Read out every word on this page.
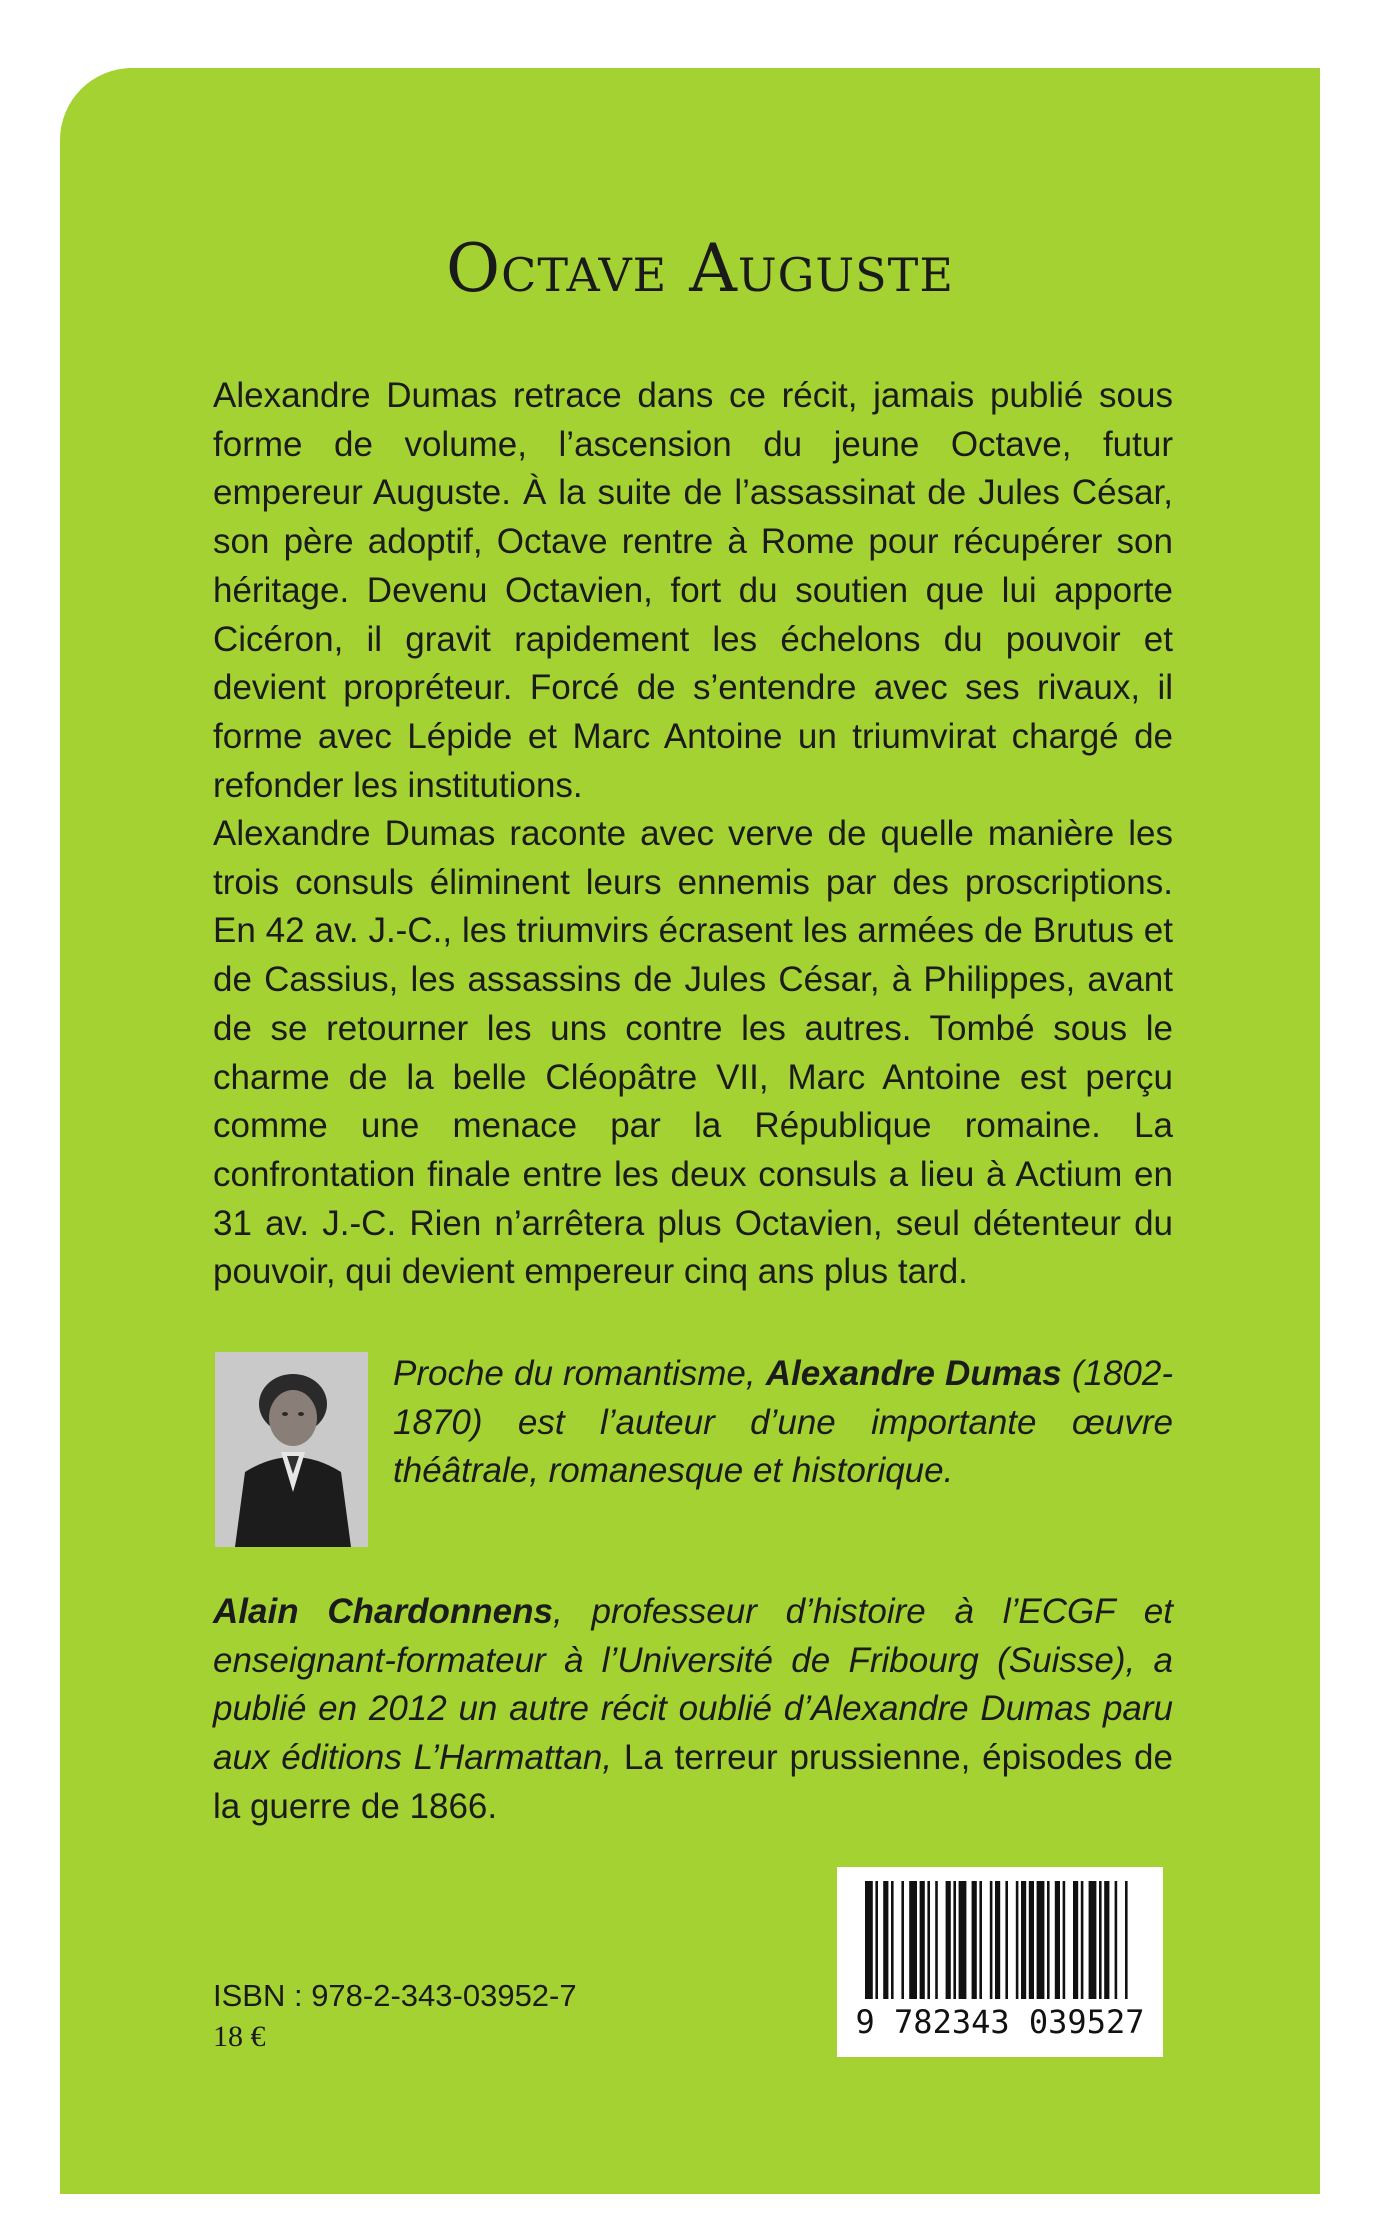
Octave Auguste

Alexandre Dumas retrace dans ce récit, jamais publié sous forme de volume, l’ascension du jeune Octave, futur empereur Auguste. À la suite de l’assassinat de Jules César, son père adoptif, Octave rentre à Rome pour récupérer son héritage. Devenu Octavien, fort du soutien que lui apporte Cicéron, il gravit rapidement les échelons du pouvoir et devient propréteur. Forcé de s’entendre avec ses rivaux, il forme avec Lépide et Marc Antoine un triumvirat chargé de refonder les institutions.

Alexandre Dumas raconte avec verve de quelle manière les trois consuls éliminent leurs ennemis par des proscriptions. En 42 av. J.-C., les triumvirs écrasent les armées de Brutus et de Cassius, les assassins de Jules César, à Philippes, avant de se retourner les uns contre les autres. Tombé sous le charme de la belle Cléopâtre VII, Marc Antoine est perçu comme une menace par la République romaine. La confrontation finale entre les deux consuls a lieu à Actium en 31 av. J.-C. Rien n’arrêtera plus Octavien, seul détenteur du pouvoir, qui devient empereur cinq ans plus tard.

Proche du romantisme, Alexandre Dumas (1802-1870) est l’auteur d’une importante œuvre théâtrale, romanesque et historique.

Alain Chardonnens, professeur d’histoire à l’ECGF et enseignant-formateur à l’Université de Fribourg (Suisse), a publié en 2012 un autre récit oublié d’Alexandre Dumas paru aux éditions L’Harmattan, La terreur prussienne, épisodes de la guerre de 1866.

9 782343 039527
ISBN : 978-2-343-03952-7
18 €
